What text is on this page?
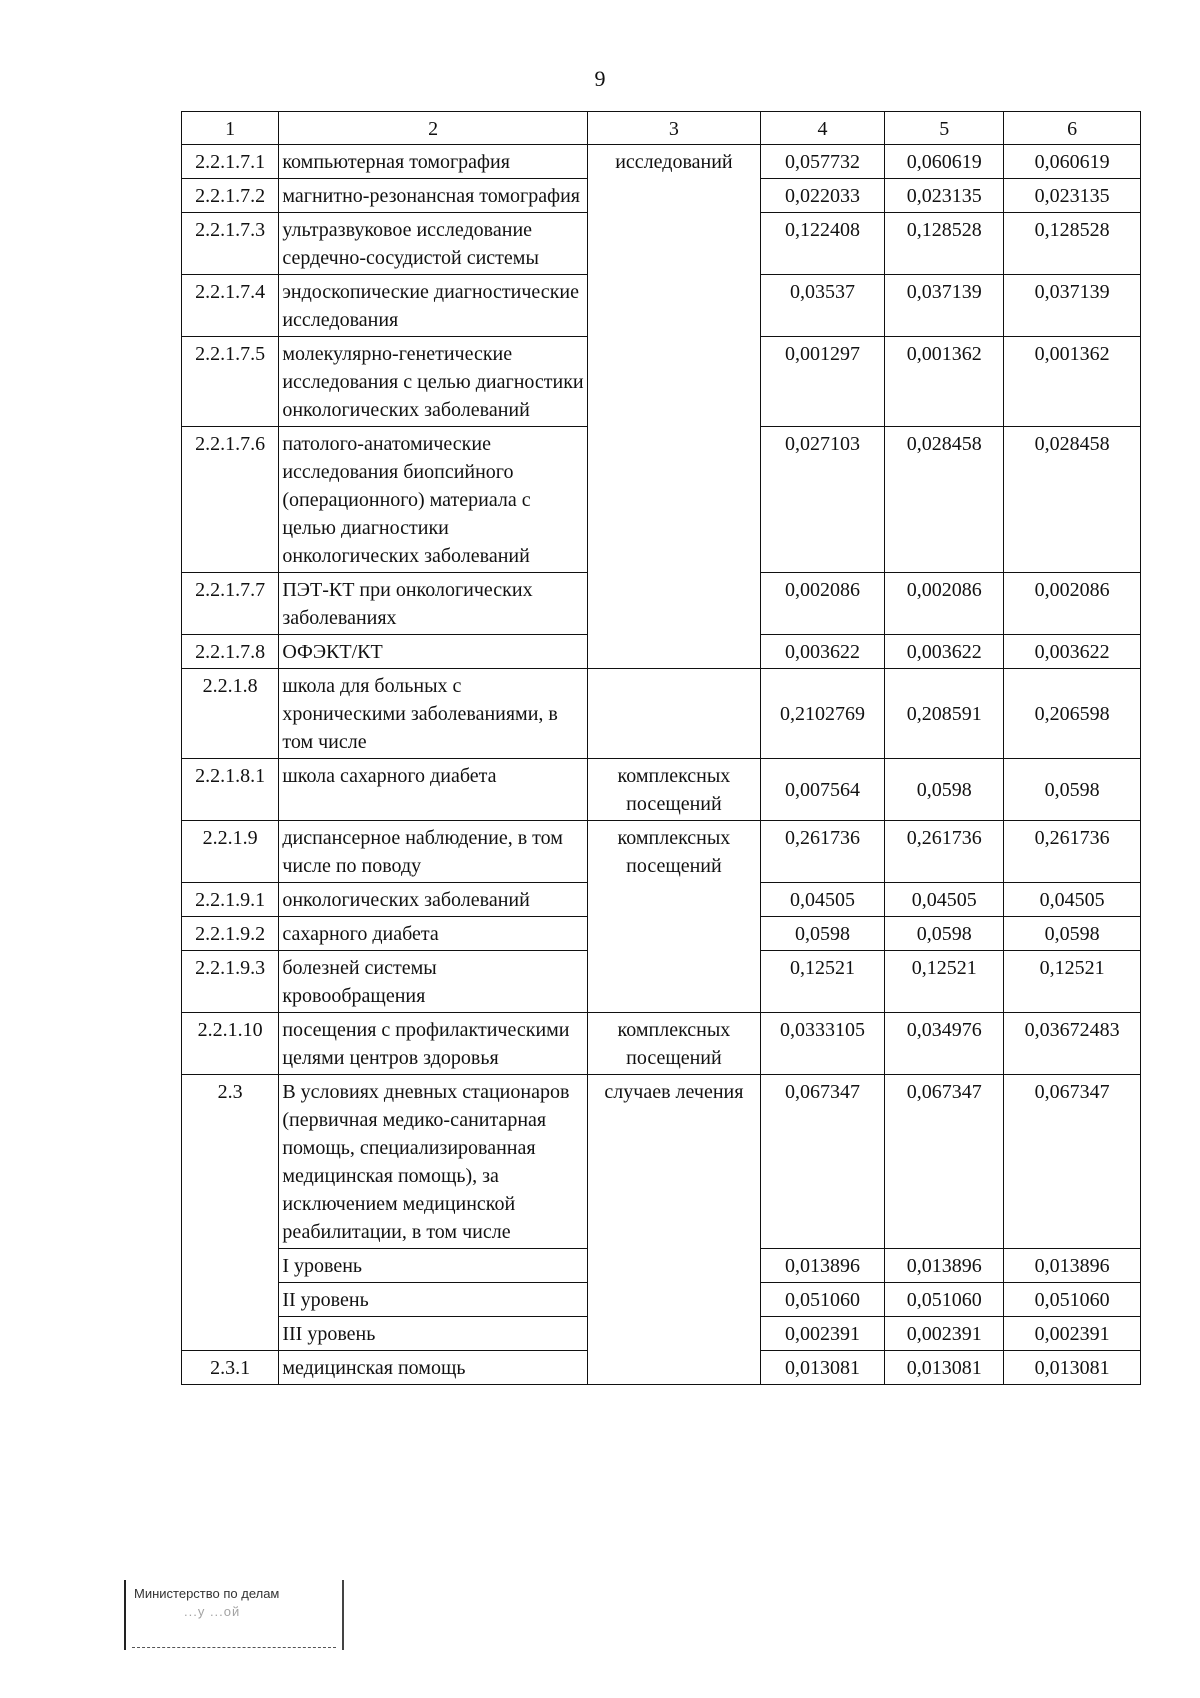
9
1	2	3	4	5	6
2.2.1.7.1	компьютерная томография	исследований	0,057732	0,060619	0,060619
2.2.1.7.2	магнитно-резонансная томография		0,022033	0,023135	0,023135
2.2.1.7.3	ультразвуковое исследование сердечно-сосудистой системы		0,122408	0,128528	0,128528
2.2.1.7.4	эндоскопические диагностические исследования		0,03537	0,037139	0,037139
2.2.1.7.5	молекулярно-генетические исследования с целью диагностики онкологических заболеваний		0,001297	0,001362	0,001362
2.2.1.7.6	патолого-анатомические исследования биопсийного (операционного) материала с целью диагностики онкологических заболеваний		0,027103	0,028458	0,028458
2.2.1.7.7	ПЭТ-КТ при онкологических заболеваниях		0,002086	0,002086	0,002086
2.2.1.7.8	ОФЭКТ/КТ		0,003622	0,003622	0,003622
2.2.1.8	школа для больных с хроническими заболеваниями, в том числе		0,2102769	0,208591	0,206598
2.2.1.8.1	школа сахарного диабета	комплексных посещений	0,007564	0,0598	0,0598
2.2.1.9	диспансерное наблюдение, в том числе по поводу	комплексных посещений	0,261736	0,261736	0,261736
2.2.1.9.1	онкологических заболеваний		0,04505	0,04505	0,04505
2.2.1.9.2	сахарного диабета		0,0598	0,0598	0,0598
2.2.1.9.3	болезней системы кровообращения		0,12521	0,12521	0,12521
2.2.1.10	посещения с профилактическими целями центров здоровья	комплексных посещений	0,0333105	0,034976	0,03672483
2.3	В условиях дневных стационаров (первичная медико-санитарная помощь, специализированная медицинская помощь), за исключением медицинской реабилитации, в том числе	случаев лечения	0,067347	0,067347	0,067347
	I уровень		0,013896	0,013896	0,013896
	II уровень		0,051060	0,051060	0,051060
	III уровень		0,002391	0,002391	0,002391
2.3.1	медицинская помощь		0,013081	0,013081	0,013081
Министерство по делам
...у ...ой
